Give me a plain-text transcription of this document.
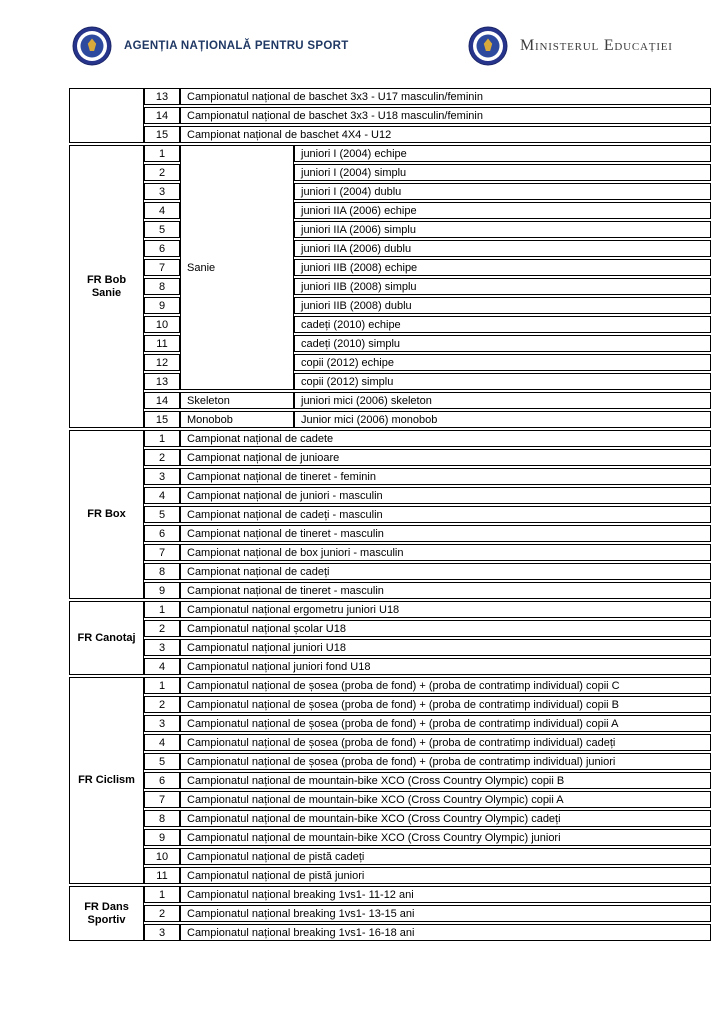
AGENȚIA NAȚIONALĂ PENTRU SPORT	Ministerul Educației
	13	Campionatul național de baschet 3x3 - U17 masculin/feminin
	14	Campionatul național de baschet 3x3 - U18 masculin/feminin
	15	Campionat național de baschet 4X4 - U12
FR Bob Sanie	1	Sanie	juniori I (2004) echipe
	2		juniori I (2004) simplu
	3		juniori I (2004) dublu
	4		juniori IIA (2006) echipe
	5		juniori IIA (2006) simplu
	6		juniori IIA (2006) dublu
	7		juniori IIB (2008) echipe
	8		juniori IIB (2008) simplu
	9		juniori IIB (2008) dublu
	10		cadeți (2010) echipe
	11		cadeți (2010) simplu
	12		copii (2012) echipe
	13		copii (2012) simplu
	14	Skeleton	juniori mici (2006) skeleton
	15	Monobob	Junior mici (2006) monobob
FR Box	1	Campionat național de cadete
	2	Campionat național de junioare
	3	Campionat național de tineret - feminin
	4	Campionat național de juniori - masculin
	5	Campionat național de cadeți - masculin
	6	Campionat național de tineret - masculin
	7	Campionat național de box juniori - masculin
	8	Campionat național de cadeți
	9	Campionat național de tineret - masculin
FR Canotaj	1	Campionatul național ergometru juniori U18
	2	Campionatul național școlar U18
	3	Campionatul național juniori U18
	4	Campionatul național juniori fond U18
FR Ciclism	1	Campionatul național de șosea (proba de fond) + (proba de contratimp individual) copii C
	2	Campionatul național de șosea (proba de fond) + (proba de contratimp individual) copii B
	3	Campionatul național de șosea (proba de fond) + (proba de contratimp individual) copii A
	4	Campionatul național de șosea (proba de fond) + (proba de contratimp individual) cadeți
	5	Campionatul național de șosea (proba de fond) + (proba de contratimp individual) juniori
	6	Campionatul național de mountain-bike XCO (Cross Country Olympic) copii B
	7	Campionatul național de mountain-bike XCO (Cross Country Olympic) copii A
	8	Campionatul național de mountain-bike XCO (Cross Country Olympic) cadeți
	9	Campionatul național de mountain-bike XCO (Cross Country Olympic) juniori
	10	Campionatul național de pistă cadeți
	11	Campionatul național de pistă juniori
FR Dans Sportiv	1	Campionatul național breaking 1vs1- 11-12 ani
	2	Campionatul național breaking 1vs1- 13-15 ani
	3	Campionatul național breaking 1vs1- 16-18 ani
